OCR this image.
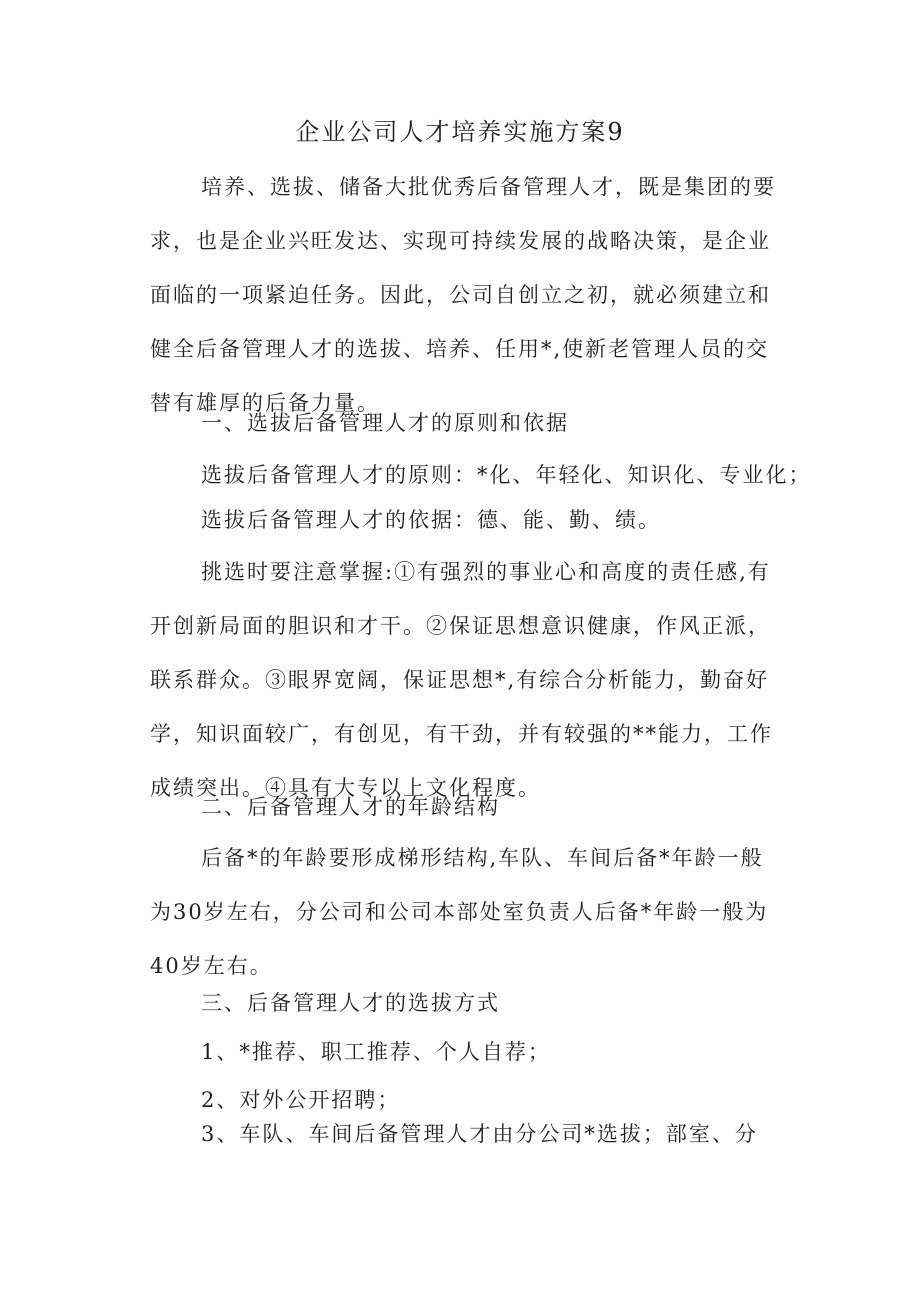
企业公司人才培养实施方案9

培养、选拔、储备大批优秀后备管理人才，既是集团的要求，也是企业兴旺发达、实现可持续发展的战略决策，是企业面临的一项紧迫任务。因此，公司自创立之初，就必须建立和健全后备管理人才的选拔、培养、任用*,使新老管理人员的交替有雄厚的后备力量。

一、选拔后备管理人才的原则和依据

选拔后备管理人才的原则：*化、年轻化、知识化、专业化；

选拔后备管理人才的依据：德、能、勤、绩。

挑选时要注意掌握:①有强烈的事业心和高度的责任感,有开创新局面的胆识和才干。②保证思想意识健康，作风正派，联系群众。③眼界宽阔，保证思想*,有综合分析能力，勤奋好学，知识面较广，有创见，有干劲，并有较强的**能力，工作成绩突出。④具有大专以上文化程度。

二、后备管理人才的年龄结构

后备*的年龄要形成梯形结构,车队、车间后备*年龄一般为30岁左右，分公司和公司本部处室负责人后备*年龄一般为40岁左右。

三、后备管理人才的选拔方式

1、*推荐、职工推荐、个人自荐；

2、对外公开招聘；

3、车队、车间后备管理人才由分公司*选拔；部室、分
